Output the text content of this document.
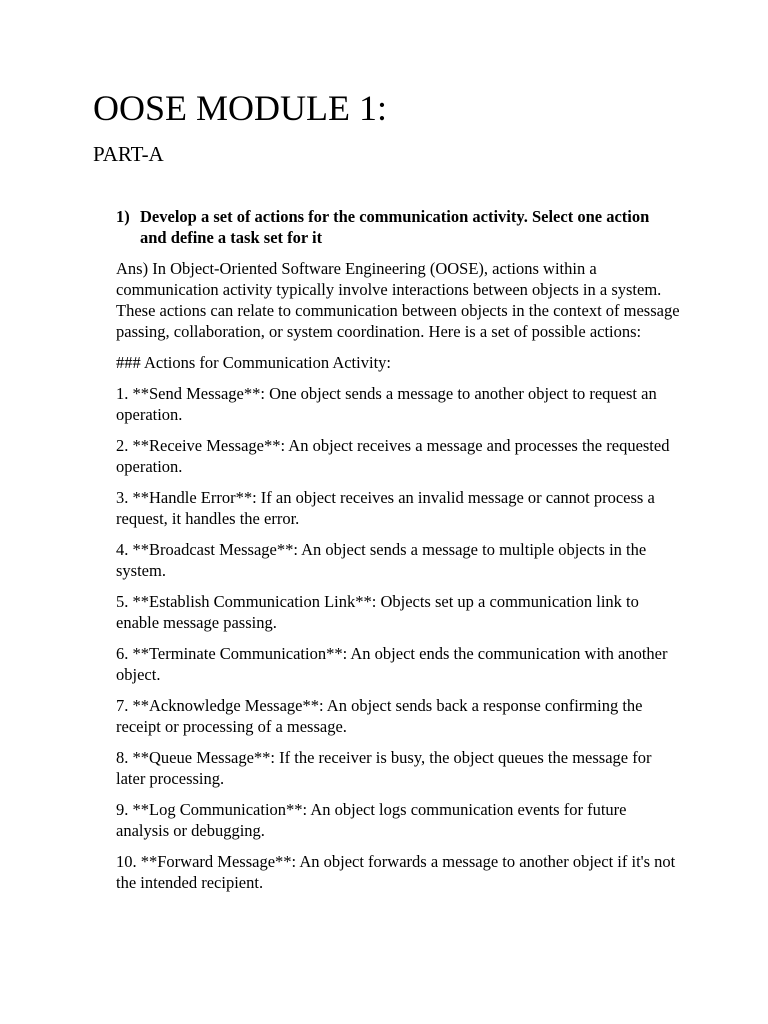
OOSE MODULE 1:
PART-A
1) Develop a set of actions for the communication activity. Select one action and define a task set for it

Ans) In Object-Oriented Software Engineering (OOSE), actions within a communication activity typically involve interactions between objects in a system. These actions can relate to communication between objects in the context of message passing, collaboration, or system coordination. Here is a set of possible actions:

### Actions for Communication Activity:

1. **Send Message**: One object sends a message to another object to request an operation.

2. **Receive Message**: An object receives a message and processes the requested operation.

3. **Handle Error**: If an object receives an invalid message or cannot process a request, it handles the error.

4. **Broadcast Message**: An object sends a message to multiple objects in the system.

5. **Establish Communication Link**: Objects set up a communication link to enable message passing.

6. **Terminate Communication**: An object ends the communication with another object.

7. **Acknowledge Message**: An object sends back a response confirming the receipt or processing of a message.

8. **Queue Message**: If the receiver is busy, the object queues the message for later processing.

9. **Log Communication**: An object logs communication events for future analysis or debugging.

10. **Forward Message**: An object forwards a message to another object if it's not the intended recipient.
